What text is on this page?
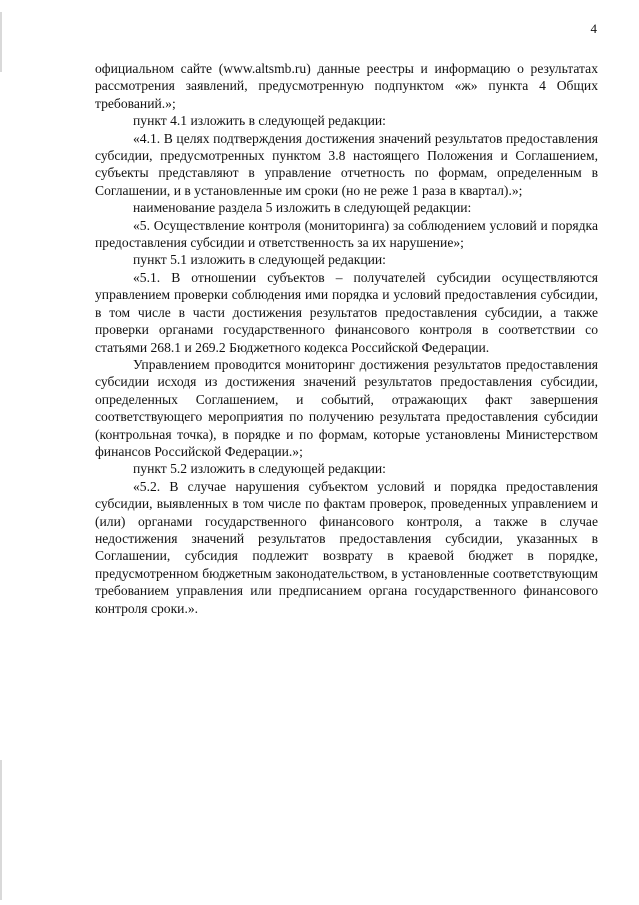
4

официальном сайте (www.altsmb.ru) данные реестры и информацию о результатах рассмотрения заявлений, предусмотренную подпунктом «ж» пункта 4 Общих требований.»;

пункт 4.1 изложить в следующей редакции:

«4.1. В целях подтверждения достижения значений результатов предоставления субсидии, предусмотренных пунктом 3.8 настоящего Положения и Соглашением, субъекты представляют в управление отчетность по формам, определенным в Соглашении, и в установленные им сроки (но не реже 1 раза в квартал).»;

наименование раздела 5 изложить в следующей редакции:

«5. Осуществление контроля (мониторинга) за соблюдением условий и порядка предоставления субсидии и ответственность за их нарушение»;

пункт 5.1 изложить в следующей редакции:

«5.1. В отношении субъектов – получателей субсидии осуществляются управлением проверки соблюдения ими порядка и условий предоставления субсидии, в том числе в части достижения результатов предоставления субсидии, а также проверки органами государственного финансового контроля в соответствии со статьями 268.1 и 269.2 Бюджетного кодекса Российской Федерации.

Управлением проводится мониторинг достижения результатов предоставления субсидии исходя из достижения значений результатов предоставления субсидии, определенных Соглашением, и событий, отражающих факт завершения соответствующего мероприятия по получению результата предоставления субсидии (контрольная точка), в порядке и по формам, которые установлены Министерством финансов Российской Федерации.»;

пункт 5.2 изложить в следующей редакции:

«5.2. В случае нарушения субъектом условий и порядка предоставления субсидии, выявленных в том числе по фактам проверок, проведенных управлением и (или) органами государственного финансового контроля, а также в случае недостижения значений результатов предоставления субсидии, указанных в Соглашении, субсидия подлежит возврату в краевой бюджет в порядке, предусмотренном бюджетным законодательством, в установленные соответствующим требованием управления или предписанием органа государственного финансового контроля сроки.».
